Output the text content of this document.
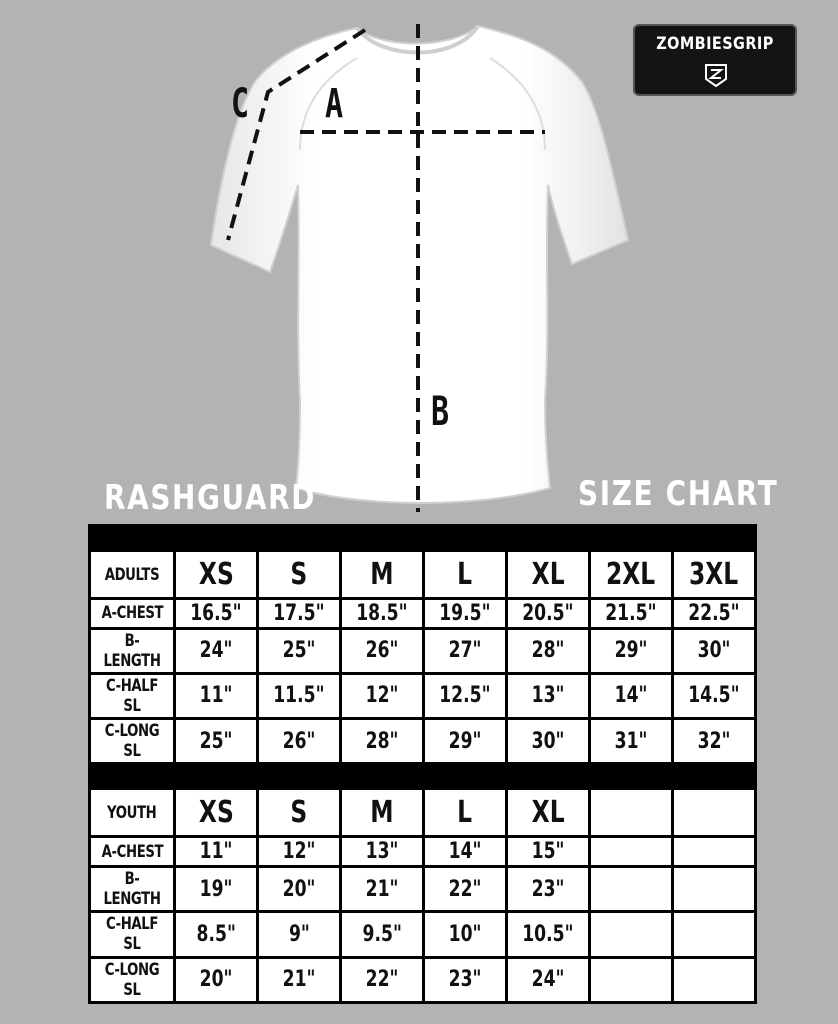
C A
B
ZOMBIESGRIP
RASHGUARD	SIZE CHART

ADULTS	XS	S	M	L	XL	2XL	3XL
A-CHEST	16.5"	17.5"	18.5"	19.5"	20.5"	21.5"	22.5"
B-LENGTH	24"	25"	26"	27"	28"	29"	30"
C-HALF SL	11"	11.5"	12"	12.5"	13"	14"	14.5"
C-LONG SL	25"	26"	28"	29"	30"	31"	32"

YOUTH	XS	S	M	L	XL		
A-CHEST	11"	12"	13"	14"	15"		
B-LENGTH	19"	20"	21"	22"	23"		
C-HALF SL	8.5"	9"	9.5"	10"	10.5"		
C-LONG SL	20"	21"	22"	23"	24"		
